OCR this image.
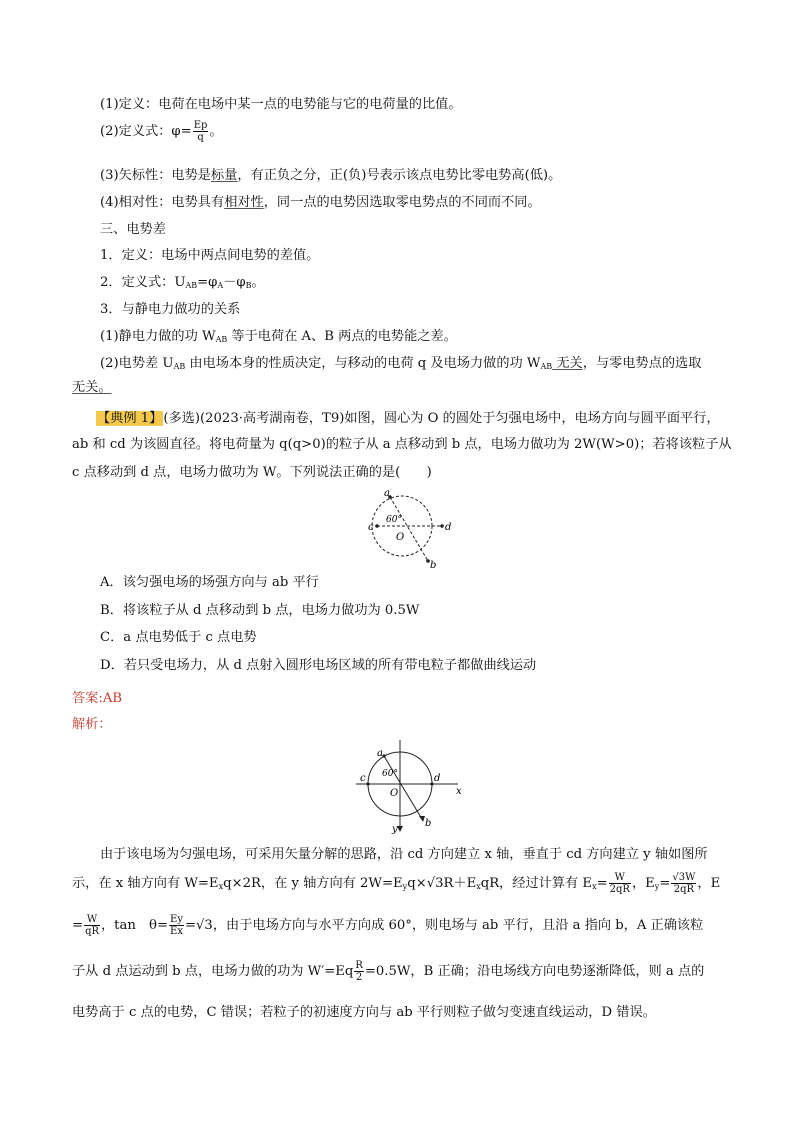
(1)定义：电荷在电场中某一点的电势能与它的电荷量的比值。
(2)定义式：$\varphi= \frac{Ep}{q}$ 。
(3)矢标性：电势是标量，有正负之分，正(负)号表示该点电势比零电势高(低)。
(4)相对性：电势具有相对性，同一点的电势因选取零电势点的不同而不同。
三、电势差
1．定义：电场中两点间电势的差值。
2．定义式：$U_{AB}=\varphi_A-\varphi_B$。
3．与静电力做功的关系
(1)静电力做的功 $W_{AB}$ 等于电荷在 A、B 两点的电势能之差。
(2)电势差 $U_{AB}$ 由电场本身的性质决定，与移动的电荷 q 及电场力做的功 $W_{AB}$ 无关，与零电势点的选取
无关。
【典例 1】(多选)(2023·高考湖南卷，T9)如图，圆心为 O 的圆处于匀强电场中，电场方向与圆平面平行，
ab 和 cd 为该圆直径。将电荷量为 q(q>0)的粒子从 a 点移动到 b 点，电场力做功为 2W(W>0)；若将该粒子从
c 点移动到 d 点，电场力做功为 W。下列说法正确的是(　　)
a
b
c	d
O
60°
A．该匀强电场的场强方向与 ab 平行
B．将该粒子从 d 点移动到 b 点，电场力做功为 0.5W
C．a 点电势低于 c 点电势
D．若只受电场力，从 d 点射入圆形电场区域的所有带电粒子都做曲线运动
答案:AB
解析：
a
b
c	d
O
60°
x
y
由于该电场为匀强电场，可采用矢量分解的思路，沿 cd 方向建立 x 轴，垂直于 cd 方向建立 y 轴如图所
示，在 x 轴方向有 $W=E_xq\times 2R$，在 y 轴方向有 $2W=E_yq\times√3R+E_xqR$，经过计算有 $E_x= \frac{W}{2qR}$ ，$E_y= \frac{√3W}{2qR}$ ，E
= $\frac{W}{qR}$ ，tan　$\theta= \frac{Ey}{Ex} =√3$，由于电场方向与水平方向成 60°，则电场与 ab 平行，且沿 a 指向 b，A 正确该粒
子从 d 点运动到 b 点，电场力做的功为 $W'=Eq \frac{R}{2} =0.5W$，B 正确；沿电场线方向电势逐渐降低，则 a 点的
电势高于 c 点的电势，C 错误；若粒子的初速度方向与 ab 平行则粒子做匀变速直线运动，D 错误。
